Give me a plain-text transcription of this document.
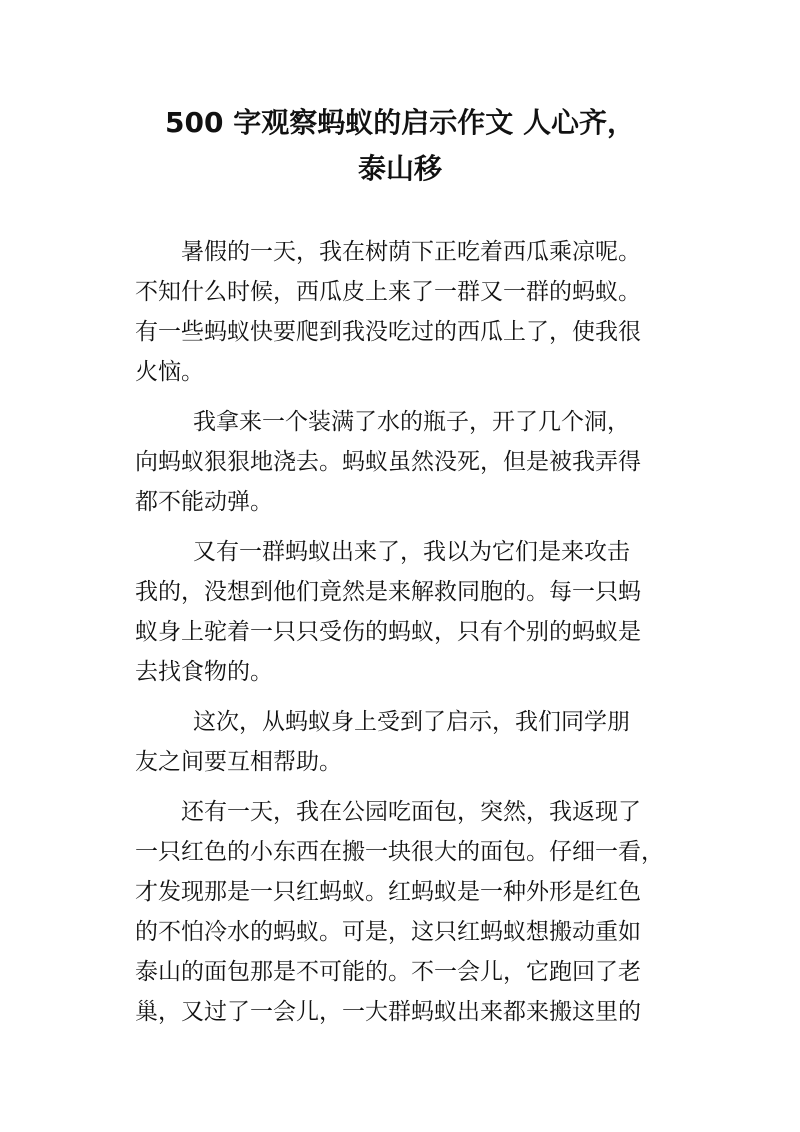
500 字观察蚂蚁的启示作文 人心齐，
泰山移
暑假的一天，我在树荫下正吃着西瓜乘凉呢。
不知什么时候，西瓜皮上来了一群又一群的蚂蚁。
有一些蚂蚁快要爬到我没吃过的西瓜上了，使我很
火恼。
我拿来一个装满了水的瓶子，开了几个洞，
向蚂蚁狠狠地浇去。蚂蚁虽然没死，但是被我弄得
都不能动弹。
又有一群蚂蚁出来了，我以为它们是来攻击
我的，没想到他们竟然是来解救同胞的。每一只蚂
蚁身上驼着一只只受伤的蚂蚁，只有个别的蚂蚁是
去找食物的。
这次，从蚂蚁身上受到了启示，我们同学朋
友之间要互相帮助。
还有一天，我在公园吃面包，突然，我返现了
一只红色的小东西在搬一块很大的面包。仔细一看，
才发现那是一只红蚂蚁。红蚂蚁是一种外形是红色
的不怕冷水的蚂蚁。可是，这只红蚂蚁想搬动重如
泰山的面包那是不可能的。不一会儿，它跑回了老
巢，又过了一会儿，一大群蚂蚁出来都来搬这里的
